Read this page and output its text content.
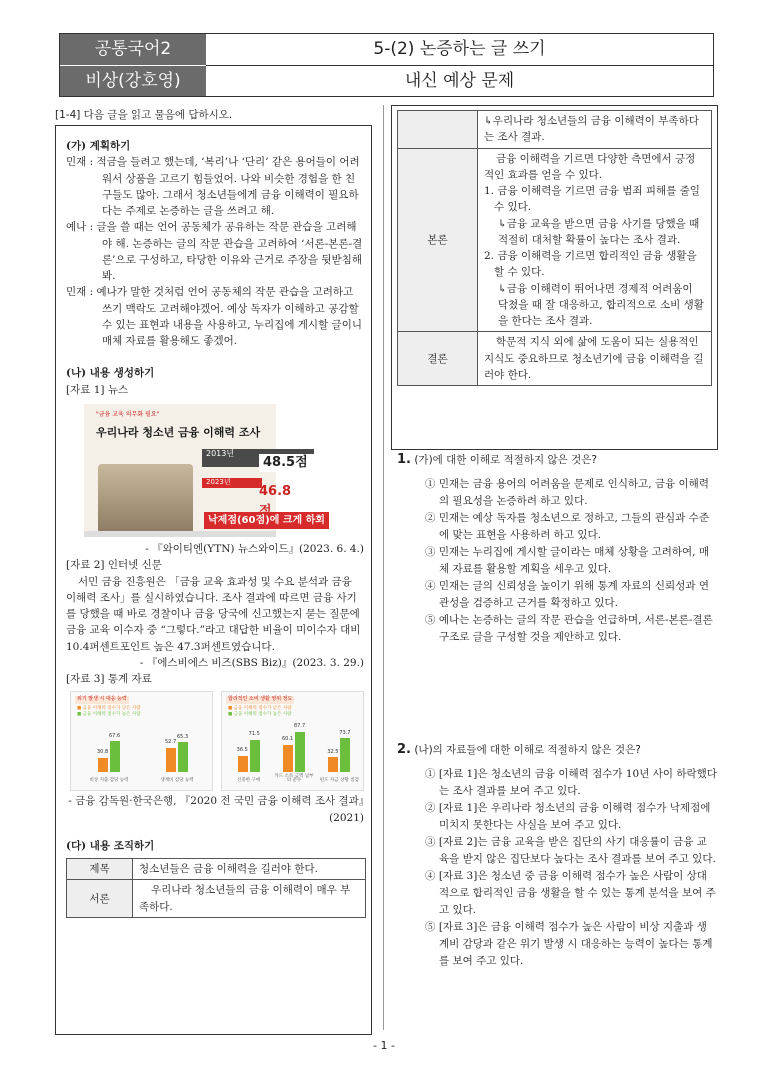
공통국어2
비상(강호영)
5-(2) 논증하는 글 쓰기
내신 예상 문제
[1-4] 다음 글을 읽고 물음에 답하시오.
(가) 계획하기
민재 : 적금을 들려고 했는데, ‘복리’나 ‘단리’ 같은 용어들이 어려워서 상품을 고르기 힘들었어. 나와 비슷한 경험을 한 친구들도 많아. 그래서 청소년들에게 금융 이해력이 필요하다는 주제로 논증하는 글을 쓰려고 해.
예나 : 글을 쓸 때는 언어 공동체가 공유하는 작문 관습을 고려해야 해. 논증하는 글의 작문 관습을 고려하여 ‘서론-본론-결론’으로 구성하고, 타당한 이유와 근거로 주장을 뒷받침해 봐.
민재 : 예나가 말한 것처럼 언어 공동체의 작문 관습을 고려하고 쓰기 맥락도 고려해야겠어. 예상 독자가 이해하고 공감할 수 있는 표현과 내용을 사용하고, 누리집에 게시할 글이니 매체 자료를 활용해도 좋겠어.
(나) 내용 생성하기
[자료 1] 뉴스
"금융 교육 의무화 필요"
우리나라 청소년 금융 이해력 조사
2013년
48.5점
2023년
46.8
낙제점(60점)에 크게 하회
- 『와이티엔(YTN) 뉴스와이드』(2023. 6. 4.)
[자료 2] 인터넷 신문
서민 금융 진흥원은 「금융 교육 효과성 및 수요 분석과 금융 이해력 조사」를 실시하였습니다. 조사 결과에 따르면 금융 사기를 당했을 때 바로 경찰이나 금융 당국에 신고했는지 묻는 질문에 금융 교육 이수자 중 “그렇다.”라고 대답한 비율이 미이수자 대비 10.4퍼센트포인트 높은 47.3퍼센트였습니다.
- 『에스비에스 비즈(SBS Biz)』(2023. 3. 29.)
[자료 3] 통계 자료
위기 발생 시 대응 능력
■ 금융 이해력 점수가 낮은 사람
■ 금융 이해력 점수가 높은 사람
30.8
67.6
비상 지출 감당 능력
52.7
65.3
생계비 감당 능력
합리적인 소비 생활 영위 정도
■ 금융 이해력 점수가 낮은 사람
■ 금융 이해력 점수가 높은 사람
36.5
71.5
신중한 구매
60.1
87.7
카드 소득 금액 납부의 준수
32.5
73.7
펀드 자금 상황 점검
- 금융 감독원·한국은행, 『2020 전 국민 금융 이해력 조사 결과』(2021)
(다) 내용 조직하기
제목	청소년들은 금융 이해력을 길러야 한다.
서론	우리나라 청소년들의 금융 이해력이 매우 부족하다.
	↳우리나라 청소년들의 금융 이해력이 부족하다는 조사 결과.
본론	금융 이해력을 기르면 다양한 측면에서 긍정적인 효과를 얻을 수 있다.
1. 금융 이해력을 기르면 금융 범죄 피해를 줄일 수 있다.
↳금융 교육을 받으면 금융 사기를 당했을 때 적절히 대처할 확률이 높다는 조사 결과.
2. 금융 이해력을 기르면 합리적인 금융 생활을 할 수 있다.
↳금융 이해력이 뛰어나면 경제적 어려움이 닥쳤을 때 잘 대응하고, 합리적으로 소비 생활을 한다는 조사 결과.

결론	학문적 지식 외에 삶에 도움이 되는 실용적인 지식도 중요하므로 청소년기에 금융 이해력을 길러야 한다.
1. (가)에 대한 이해로 적절하지 않은 것은?
① 민재는 금융 용어의 어려움을 문제로 인식하고, 금융 이해력의 필요성을 논증하려 하고 있다.
② 민재는 예상 독자를 청소년으로 정하고, 그들의 관심과 수준에 맞는 표현을 사용하려 하고 있다.
③ 민재는 누리집에 게시할 글이라는 매체 상황을 고려하여, 매체 자료를 활용할 계획을 세우고 있다.
④ 민재는 글의 신뢰성을 높이기 위해 통계 자료의 신뢰성과 연관성을 검증하고 근거를 확정하고 있다.
⑤ 예나는 논증하는 글의 작문 관습을 언급하며, 서론-본론-결론 구조로 글을 구성할 것을 제안하고 있다.
2. (나)의 자료들에 대한 이해로 적절하지 않은 것은?
① [자료 1]은 청소년의 금융 이해력 점수가 10년 사이 하락했다는 조사 결과를 보여 주고 있다.
② [자료 1]은 우리나라 청소년의 금융 이해력 점수가 낙제점에 미치지 못한다는 사실을 보여 주고 있다.
③ [자료 2]는 금융 교육을 받은 집단의 사기 대응률이 금융 교육을 받지 않은 집단보다 높다는 조사 결과를 보여 주고 있다.
④ [자료 3]은 청소년 중 금융 이해력 점수가 높은 사람이 상대적으로 합리적인 금융 생활을 할 수 있는 통계 분석을 보여 주고 있다.
⑤ [자료 3]은 금융 이해력 점수가 높은 사람이 비상 지출과 생계비 감당과 같은 위기 발생 시 대응하는 능력이 높다는 통계를 보여 주고 있다.
- 1 -
